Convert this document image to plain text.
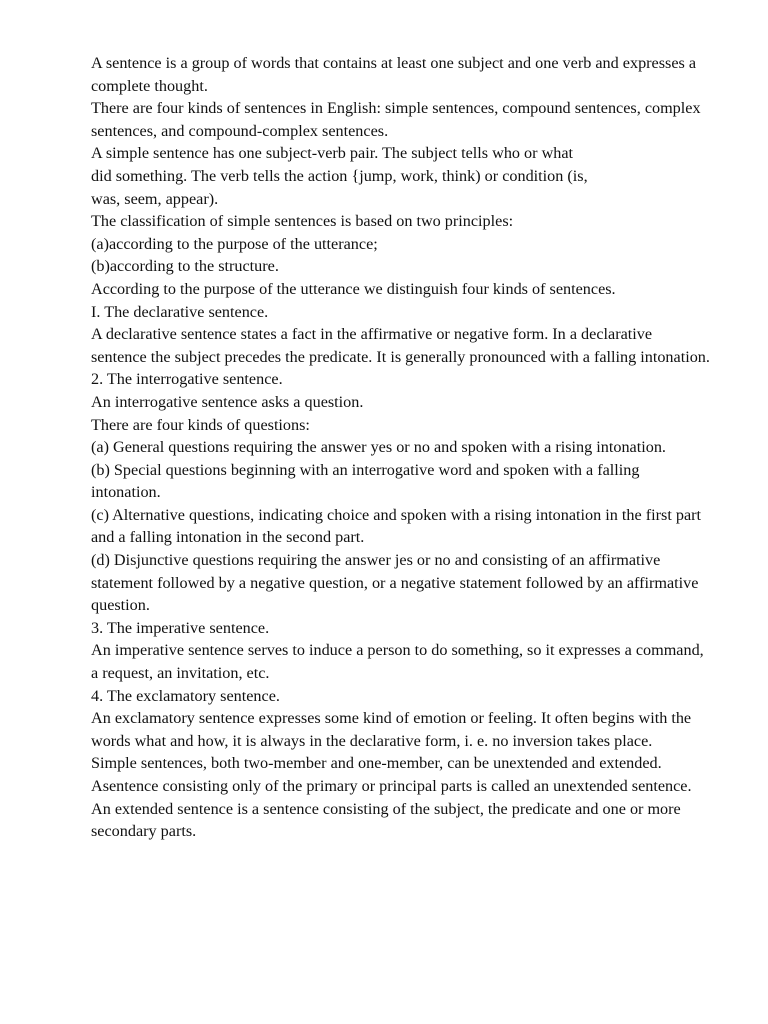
A sentence is a group of words that contains at least one subject and one verb and expresses a complete thought.

There are four kinds of sentences in English: simple sentences, compound sentences, complex sentences, and compound-complex sentences.

A simple sentence has one subject-verb pair. The subject tells who or what
did something. The verb tells the action {jump, work, think) or condition (is,
was, seem, appear).

The classification of simple sentences is based on two principles:

(a)according to the purpose of the utterance;

(b)according to the structure.

According to the purpose of the utterance we distinguish four kinds of sentences.

I. The declarative sentence.

A declarative sentence states a fact in the affirmative or negative form. In a declarative sentence the subject precedes the predicate. It is generally pronounced with a falling intonation.

2. The interrogative sentence.

An interrogative sentence asks a question.

There are four kinds of questions:

(a) General questions requiring the answer yes or no and spoken with a rising intonation.

(b) Special questions beginning with an interrogative word and spoken with a falling intonation.

(c) Alternative questions, indicating choice and spoken with a rising intonation in the first part and a falling intonation in the second part.

(d) Disjunctive questions requiring the answer jes or no and consisting of an affirmative statement followed by a negative question, or a negative statement followed by an affirmative question.

3. The imperative sentence.

An imperative sentence serves to induce a person to do something, so it expresses a command, a request, an invitation, etc.

4. The exclamatory sentence.

An exclamatory sentence expresses some kind of emotion or feeling. It often begins with the words what and how, it is always in the declarative form, i. e. no inversion takes place.

Simple sentences, both two-member and one-member, can be unextended and extended. Asentence consisting only of the primary or principal parts is called an unextended sentence. An extended sentence is a sentence consisting of the subject, the predicate and one or more secondary parts.
